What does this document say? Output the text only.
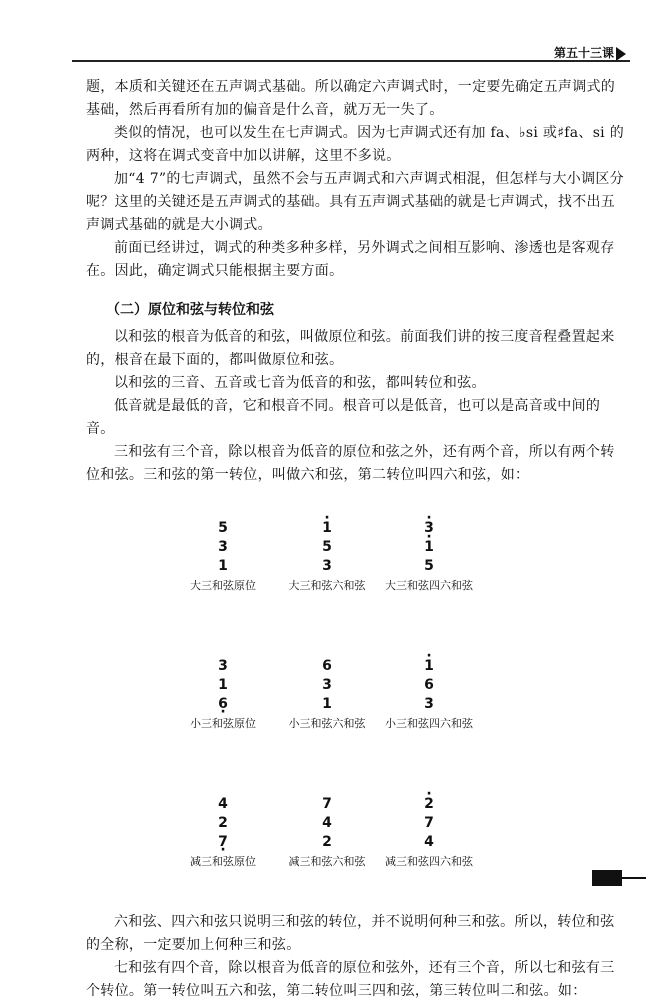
第五十三课

题，本质和关键还在五声调式基础。所以确定六声调式时，一定要先确定五声调式的基础，然后再看所有加的偏音是什么音，就万无一失了。

类似的情况，也可以发生在七声调式。因为七声调式还有加 fa、♭si 或♯fa、si 的两种，这将在调式变音中加以讲解，这里不多说。

加“4 7”的七声调式，虽然不会与五声调式和六声调式相混，但怎样与大小调区分呢？这里的关键还是五声调式的基础。具有五声调式基础的就是七声调式，找不出五声调式基础的就是大小调式。

前面已经讲过，调式的种类多种多样，另外调式之间相互影响、渗透也是客观存在。因此，确定调式只能根据主要方面。

（二）原位和弦与转位和弦

以和弦的根音为低音的和弦，叫做原位和弦。前面我们讲的按三度音程叠置起来的，根音在最下面的，都叫做原位和弦。

以和弦的三音、五音或七音为低音的和弦，都叫转位和弦。

低音就是最低的音，它和根音不同。根音可以是低音，也可以是高音或中间的音。

三和弦有三个音，除以根音为低音的原位和弦之外，还有两个音，所以有两个转位和弦。三和弦的第一转位，叫做六和弦，第二转位叫四六和弦，如：

5
3
1
大三和弦原位
· 1
5
3
大三和弦六和弦
· 3
· 1
5
大三和弦四六和弦
3
1
6 ·
小三和弦原位
6
3
1
小三和弦六和弦
· 1
6
3
小三和弦四六和弦
4
2
7 ·
减三和弦原位
7
4
2
减三和弦六和弦
· 2
7
4
减三和弦四六和弦

六和弦、四六和弦只说明三和弦的转位，并不说明何种三和弦。所以，转位和弦的全称，一定要加上何种三和弦。

七和弦有四个音，除以根音为低音的原位和弦外，还有三个音，所以七和弦有三个转位。第一转位叫五六和弦，第二转位叫三四和弦，第三转位叫二和弦。如：
